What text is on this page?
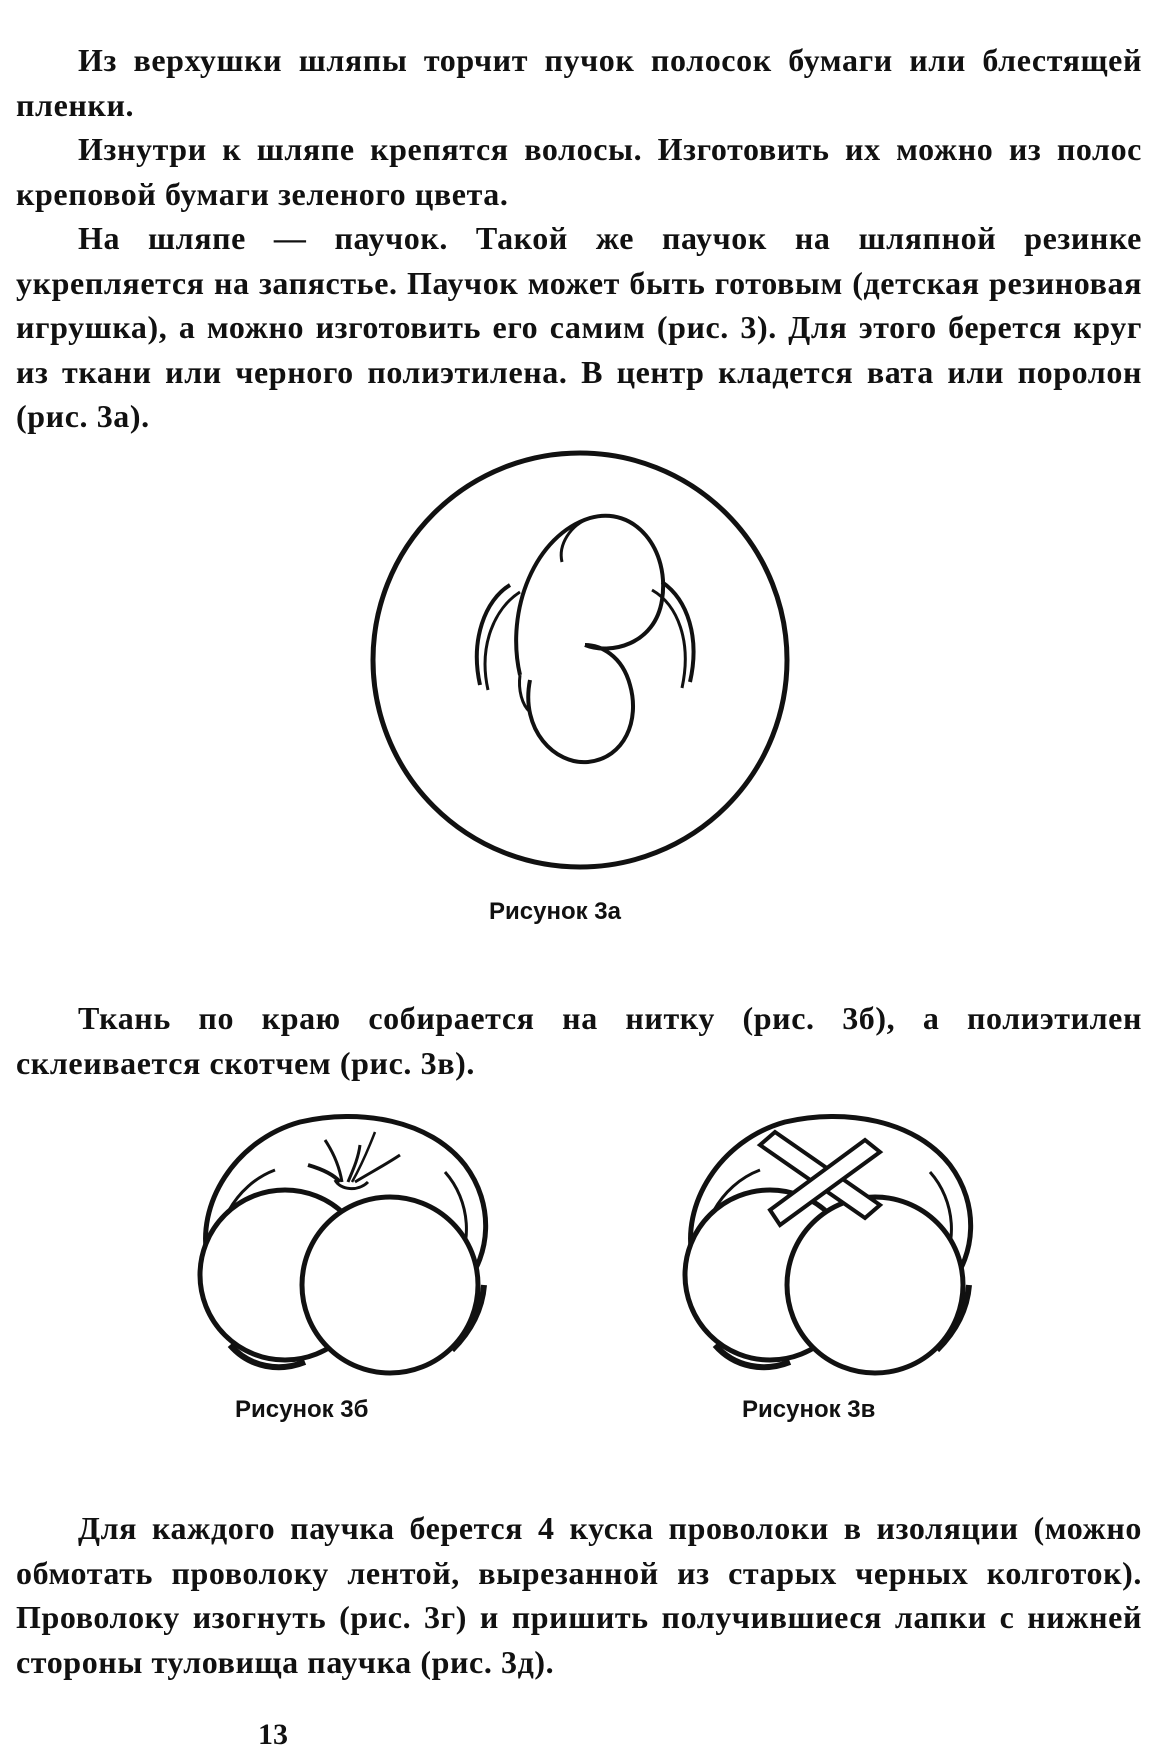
Из верхушки шляпы торчит пучок полосок бумаги или блестящей пленки.

Изнутри к шляпе крепятся волосы. Изготовить их можно из полос креповой бумаги зеленого цвета.

На шляпе — паучок. Такой же паучок на шляпной резинке укрепляется на запястье. Паучок может быть готовым (детская резиновая игрушка), а можно изготовить его самим (рис. 3). Для этого берется круг из ткани или черного полиэтилена. В центр кладется вата или поролон (рис. 3а).

Рисунок 3а

Ткань по краю собирается на нитку (рис. 3б), а полиэтилен склеивается скотчем (рис. 3в).

Рисунок 3б	Рисунок 3в

Для каждого паучка берется 4 куска проволоки в изоляции (можно обмотать проволоку лентой, вырезанной из старых черных колготок). Проволоку изогнуть (рис. 3г) и пришить получившиеся лапки с нижней стороны туловища паучка (рис. 3д).

13
